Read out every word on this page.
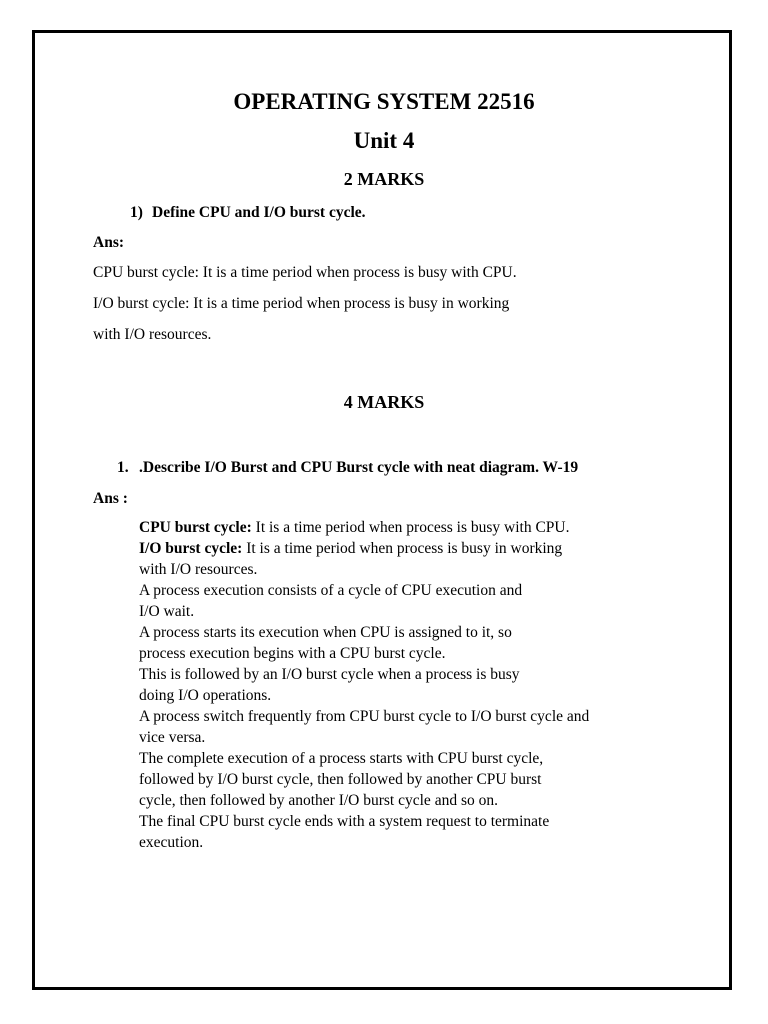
OPERATING SYSTEM 22516
Unit 4
2 MARKS
1) Define CPU and I/O burst cycle.
Ans:
CPU burst cycle: It is a time period when process is busy with CPU.
I/O burst cycle: It is a time period when process is busy in working
with I/O resources.
4 MARKS
1. .Describe I/O Burst and CPU Burst cycle with neat diagram. W-19
Ans :

CPU burst cycle: It is a time period when process is busy with CPU.

I/O burst cycle: It is a time period when process is busy in working

with I/O resources.

A process execution consists of a cycle of CPU execution and

I/O wait.

A process starts its execution when CPU is assigned to it, so

process execution begins with a CPU burst cycle.

This is followed by an I/O burst cycle when a process is busy

doing I/O operations.

A process switch frequently from CPU burst cycle to I/O burst cycle and

vice versa.

The complete execution of a process starts with CPU burst cycle,

followed by I/O burst cycle, then followed by another CPU burst

cycle, then followed by another I/O burst cycle and so on.

The final CPU burst cycle ends with a system request to terminate

execution.
